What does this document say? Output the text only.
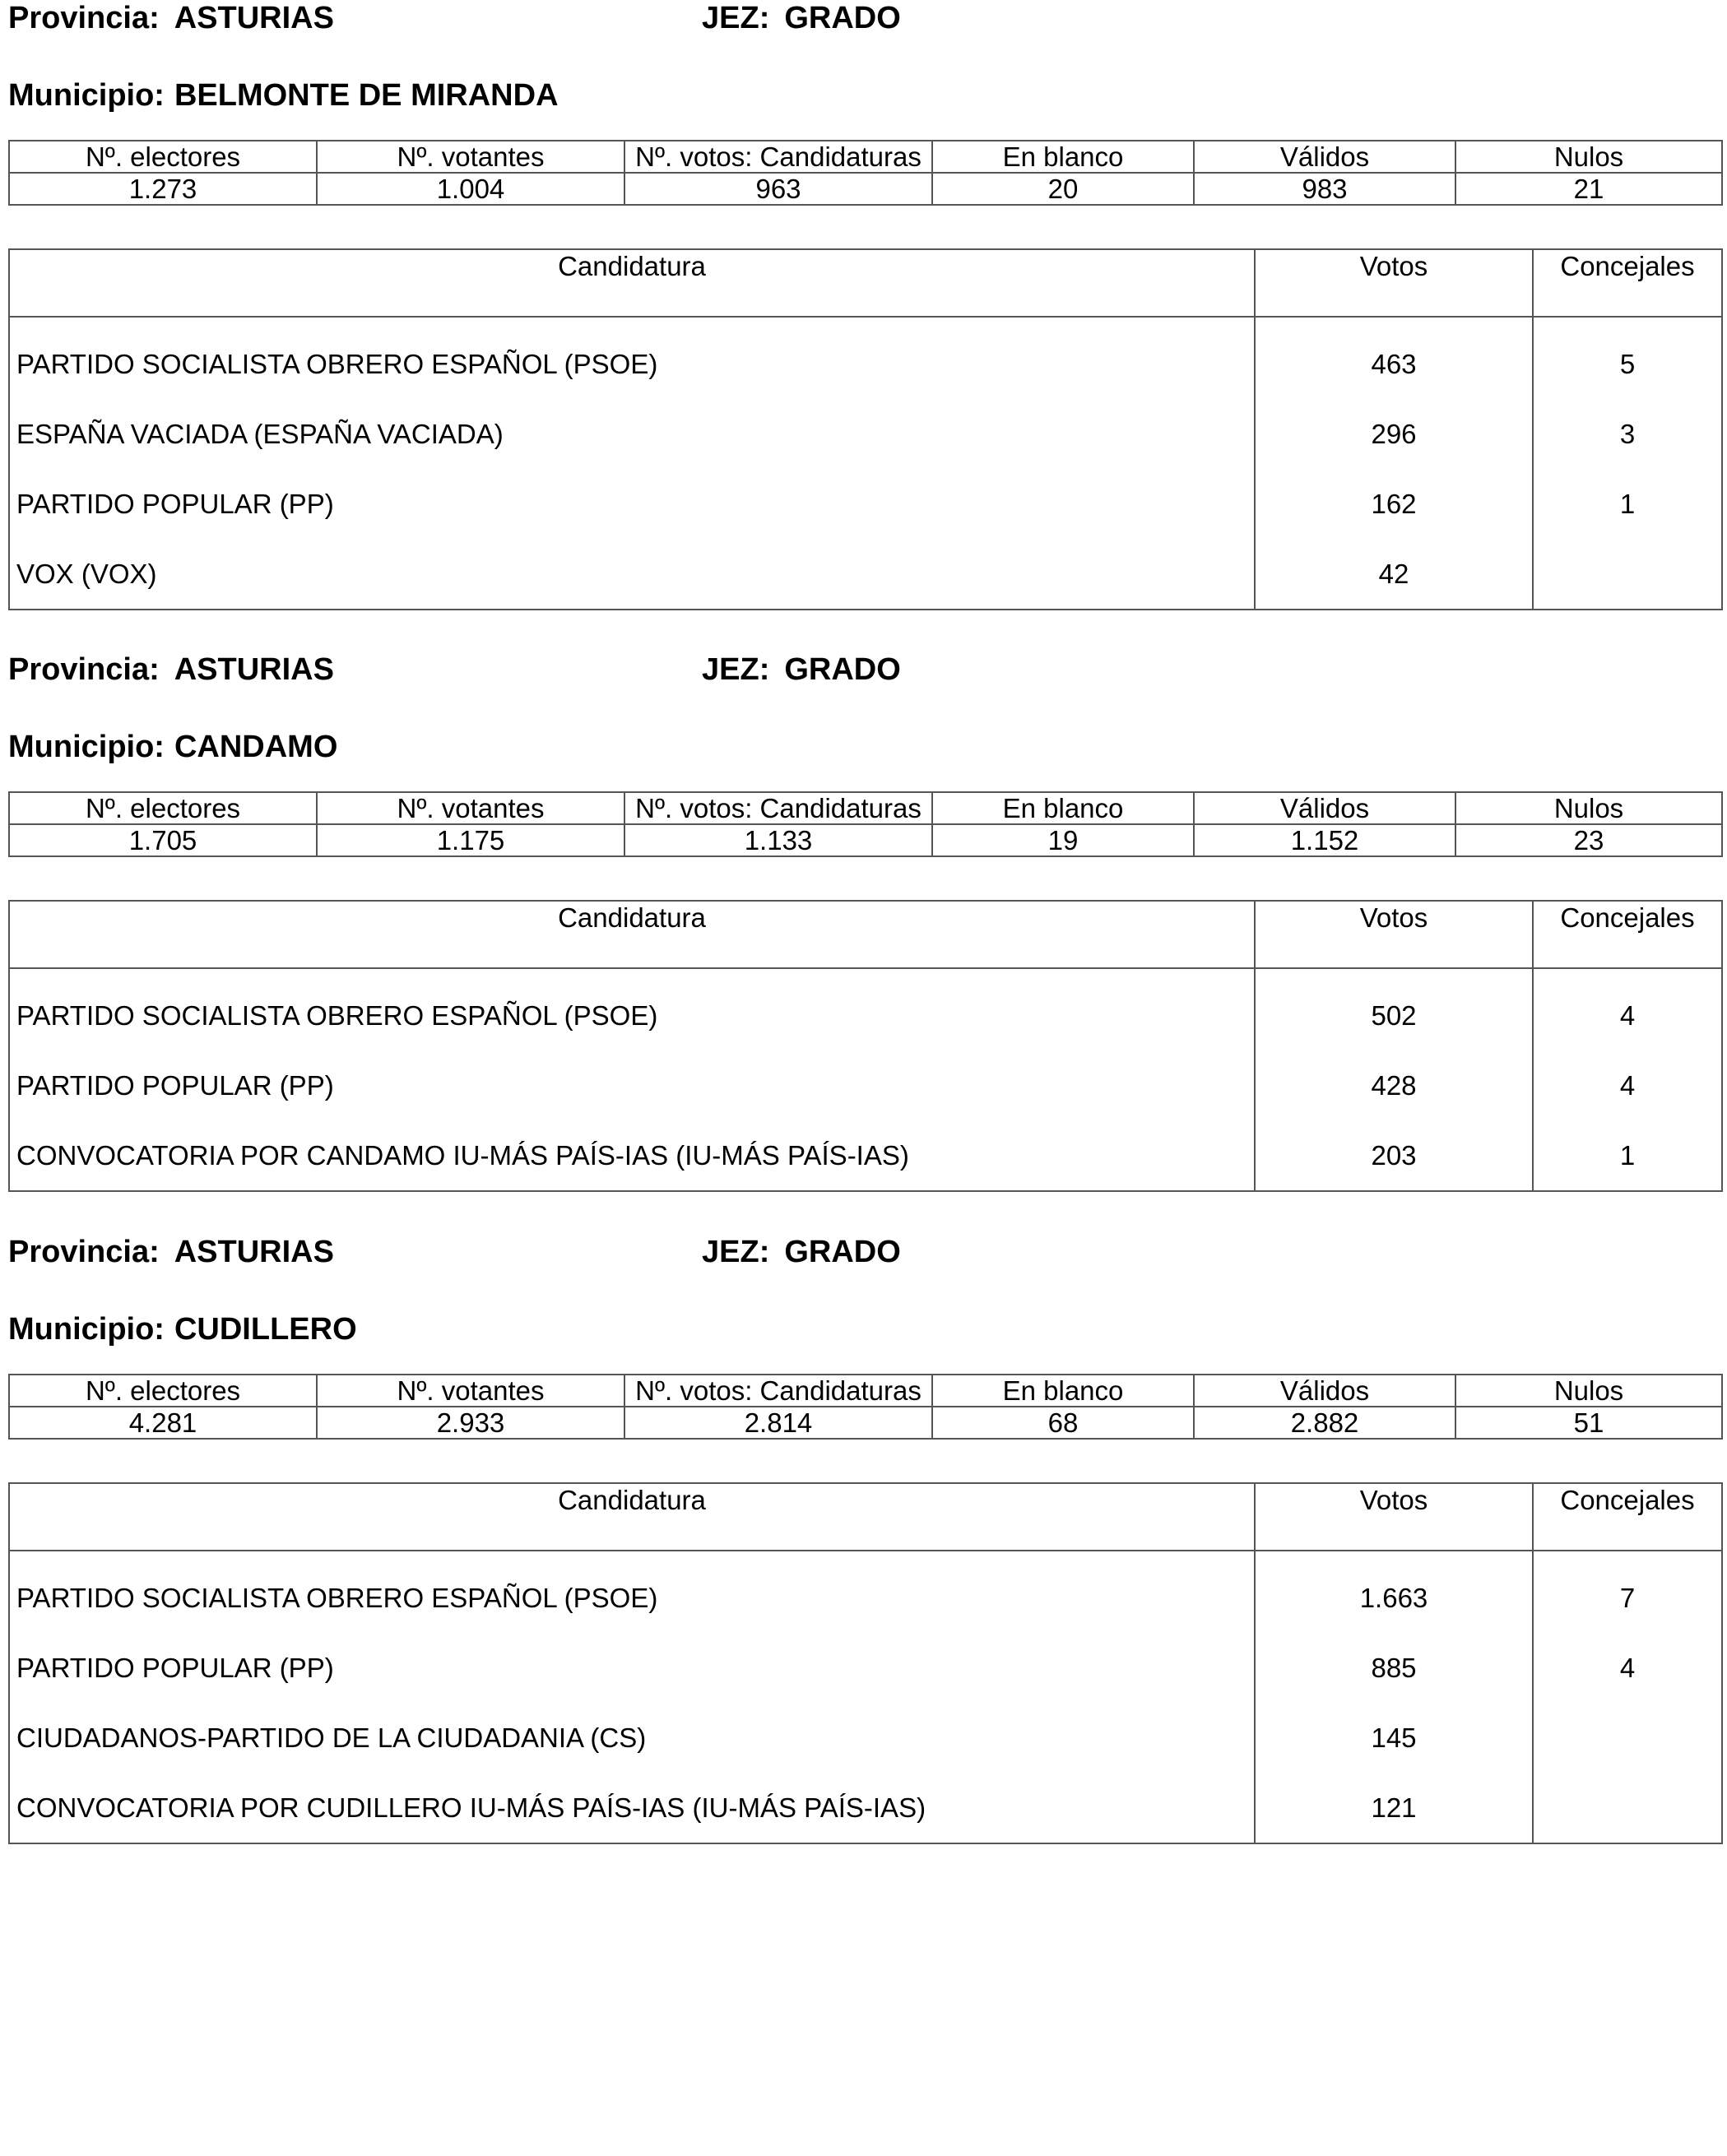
Provincia: ASTURIAS	JEZ: GRADO
Municipio: BELMONTE DE MIRANDA
Nº. electores	Nº. votantes	Nº. votos: Candidaturas	En blanco	Válidos	Nulos
1.273	1.004	963	20	983	21
Candidatura	Votos	Concejales
PARTIDO SOCIALISTA OBRERO ESPAÑOL (PSOE)	463	5
ESPAÑA VACIADA (ESPAÑA VACIADA)	296	3
PARTIDO POPULAR (PP)	162	1
VOX (VOX)	42	
Provincia: ASTURIAS	JEZ: GRADO
Municipio: CANDAMO
Nº. electores	Nº. votantes	Nº. votos: Candidaturas	En blanco	Válidos	Nulos
1.705	1.175	1.133	19	1.152	23
Candidatura	Votos	Concejales
PARTIDO SOCIALISTA OBRERO ESPAÑOL (PSOE)	502	4
PARTIDO POPULAR (PP)	428	4
CONVOCATORIA POR CANDAMO IU-MÁS PAÍS-IAS (IU-MÁS PAÍS-IAS)	203	1
Provincia: ASTURIAS	JEZ: GRADO
Municipio: CUDILLERO
Nº. electores	Nº. votantes	Nº. votos: Candidaturas	En blanco	Válidos	Nulos
4.281	2.933	2.814	68	2.882	51
Candidatura	Votos	Concejales
PARTIDO SOCIALISTA OBRERO ESPAÑOL (PSOE)	1.663	7
PARTIDO POPULAR (PP)	885	4
CIUDADANOS-PARTIDO DE LA CIUDADANIA (CS)	145	
CONVOCATORIA POR CUDILLERO IU-MÁS PAÍS-IAS (IU-MÁS PAÍS-IAS)	121	
